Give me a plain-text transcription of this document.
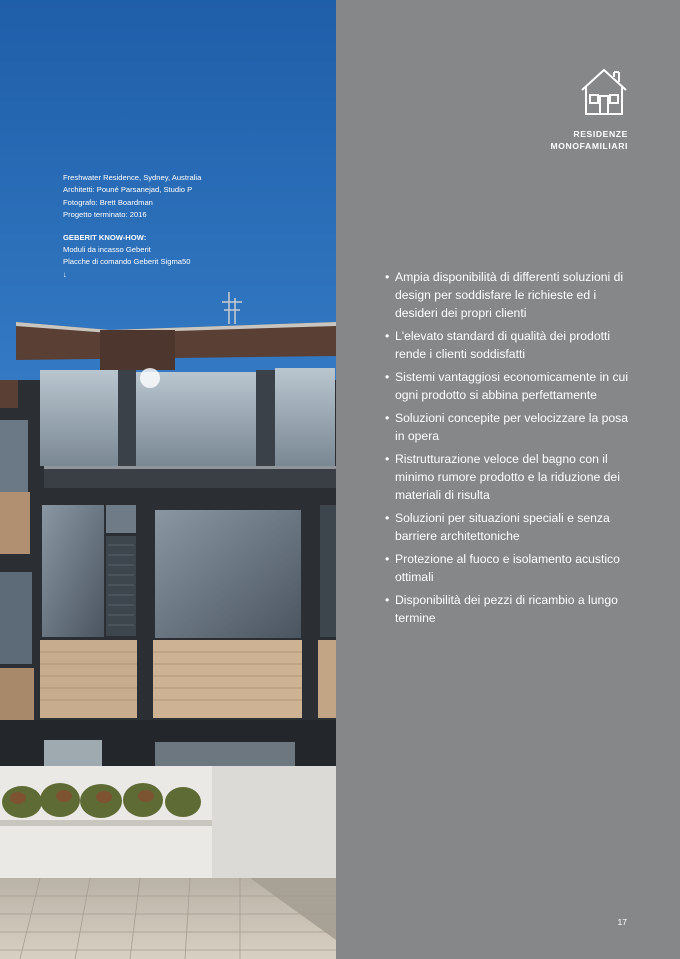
Freshwater Residence, Sydney, Australia
Architetti: Pouné Parsanejad, Studio P
Fotografo: Brett Boardman
Progetto terminato: 2016
GEBERIT KNOW-HOW:
Moduli da incasso Geberit
Placche di comando Geberit Sigma50
↓
RESIDENZE
MONOFAMILIARI
• Ampia disponibilità di differenti soluzioni di design per soddisfare le richieste ed i desideri dei propri clienti
• L'elevato standard di qualità dei prodotti rende i clienti soddisfatti
• Sistemi vantaggiosi economicamente in cui ogni prodotto si abbina perfettamente
• Soluzioni concepite per velocizzare la posa in opera
• Ristrutturazione veloce del bagno con il minimo rumore prodotto e la riduzione dei materiali di risulta
• Soluzioni per situazioni speciali e senza barriere architettoniche
• Protezione al fuoco e isolamento acustico ottimali
• Disponibilità dei pezzi di ricambio a lungo termine
17
